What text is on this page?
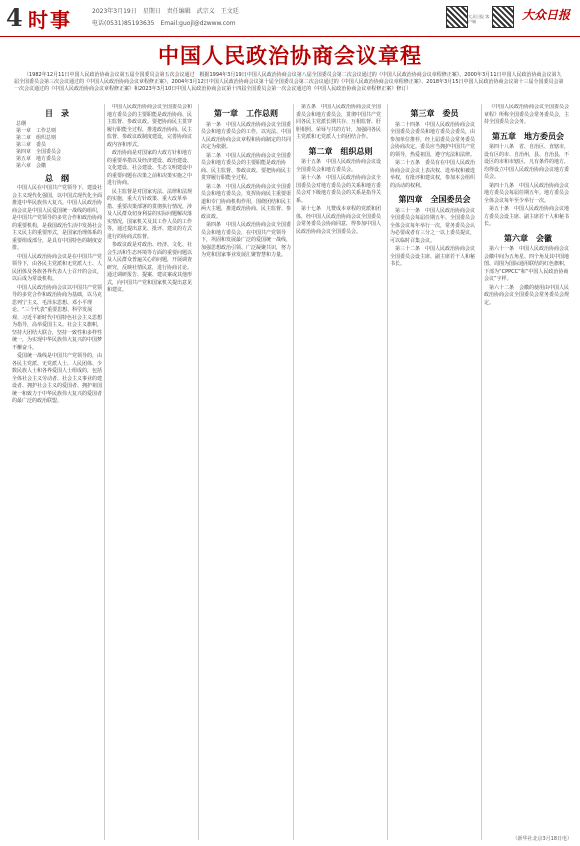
4 时事	2023年3月19日　星期日　责任编辑　武宗义　王文廷
电话(0531)85193635　Email:guojl@dzwww.com
大众日报 客户端	大众日报
中国人民政治协商会议章程
（1982年12月11日中国人民政治协商会议第五届全国委员会第五次会议通过　根据1994年3月19日中国人民政治协商会议第八届全国委员会第二次会议通过的《中国人民政治协商会议章程修正案》、2000年3月11日中国人民政治协商会议第九届全国委员会第三次会议通过的《中国人民政治协商会议章程修正案》、2004年3月12日中国人民政治协商会议第十届全国委员会第二次会议通过的《中国人民政治协商会议章程修正案》、2018年3月15日中国人民政治协商会议第十三届全国委员会第一次会议通过的《中国人民政治协商会议章程修正案》和2023年3月10日中国人民政治协商会议第十四届全国委员会第一次会议通过的《中国人民政治协商会议章程修正案》修订）
目　录
总纲
第一章　工作总则
第二章　组织总则
第三章　委员
第四章　全国委员会
第五章　地方委员会
第六章　会徽
总　纲

中国人民在中国共产党领导下，建设社会主义现代化强国，以中国式现代化全面推进中华民族伟大复兴。中国人民政治协商会议是中国人民爱国统一战线的组织，是中国共产党领导的多党合作和政治协商的重要机构，是我国政治生活中发扬社会主义民主的重要形式，是国家治理体系的重要组成部分，是具有中国特色的制度安排。

中国人民政治协商会议是在中国共产党领导下，由各民主党派和无党派人士、人民团体及各族各界代表人士召开的会议，以后成为常设机构。

中国人民政治协商会议以中国共产党领导的多党合作和政治协商为基础，以马克思列宁主义、毛泽东思想、邓小平理论、“三个代表”重要思想、科学发展观、习近平新时代中国特色社会主义思想为指导，高举爱国主义、社会主义旗帜，坚持大团结大联合，坚持一致性和多样性统一，为实现中华民族伟大复兴的中国梦不懈奋斗。

爱国统一战线是中国共产党领导的，由各民主党派、无党派人士、人民团体、少数民族人士和各界爱国人士组成的，包括全体社会主义劳动者、社会主义事业的建设者、拥护社会主义的爱国者、拥护祖国统一和致力于中华民族伟大复兴的爱国者的最广泛的政治联盟。

中国人民政治协商会议全国委员会和地方委员会的主要职能是政治协商、民主监督、参政议政。要把协商民主贯穿履行职能全过程，推进政治协商、民主监督、参政议政制度建设，完善协商议政内容和形式。

政治协商是对国家的大政方针和地方的重要举措以及经济建设、政治建设、文化建设、社会建设、生态文明建设中的重要问题在决策之前和决策实施之中进行协商。

民主监督是对国家宪法、法律和法规的实施，重大方针政策、重大改革举措、重要决策部署的贯彻执行情况，涉及人民群众切身利益的实际问题解决落实情况，国家机关及其工作人员的工作等，通过提出意见、批评、建议的方式进行的协商式监督。

参政议政是对政治、经济、文化、社会生活和生态环境等方面的重要问题以及人民群众普遍关心的问题，开展调查研究，反映社情民意，进行协商讨论。通过调研报告、提案、建议案或其他形式，向中国共产党和国家机关提出意见和建议。

第一章　工作总则

第一条　中国人民政治协商会议全国委员会和地方委员会的工作，以宪法、中国人民政治协商会议章程和协商制定的共同决定为依据。

第二条　中国人民政治协商会议全国委员会和地方委员会的主要职能是政治协商、民主监督、参政议政。要把协商民主贯穿履行职能全过程。

第三条　中国人民政治协商会议全国委员会和地方委员会，发挥协商民主重要渠道和专门协商机构作用，围绕团结和民主两大主题，推进政治协商、民主监督、参政议政。

第四条　中国人民政治协商会议全国委员会和地方委员会，在中国共产党领导下，巩固和发展最广泛的爱国统一战线，加强思想政治引领、广泛凝聚共识，努力为党和国家事业发展汇聚智慧和力量。

第五条　中国人民政治协商会议全国委员会和地方委员会，贯彻中国共产党同各民主党派长期共存、互相监督、肝胆相照、荣辱与共的方针，加强同各民主党派和无党派人士的团结合作。

第二章　组织总则

第十五条　中国人民政治协商会议设全国委员会和地方委员会。

第十六条　中国人民政治协商会议全国委员会对地方委员会的关系和地方委员会对下级地方委员会的关系是指导关系。

第十七条　凡赞成本章程的党派和团体，经中国人民政治协商会议全国委员会常务委员会协商同意，得参加中国人民政治协商会议全国委员会。

第三章　委员

第二十四条　中国人民政治协商会议全国委员会委员和地方委员会委员，由参加单位推荐，经上届委员会常务委员会协商决定。委员应当拥护中国共产党的领导，热爱祖国，遵守宪法和法律。

第二十五条　委员有在中国人民政治协商会议会议上表决权、选举权和被选举权，有批评和建议权，参加本会组织的活动的权利。

第四章　全国委员会

第三十一条　中国人民政治协商会议全国委员会每届任期五年。全国委员会全体会议每年举行一次，常务委员会认为必要或者有三分之一以上委员提议，可以临时召集会议。

第三十二条　中国人民政治协商会议全国委员会设主席、副主席若干人和秘书长。

《中国人民政治协商会议全国委员会章程》所称全国委员会常务委员会，主持全国委员会会务。

第五章　地方委员会

第四十八条　省、自治区、直辖市，设有区的市、自治州，县、自治县，不设区的市和市辖区，凡有条件的地方，均得设立中国人民政治协商会议地方委员会。

第四十九条　中国人民政治协商会议地方委员会每届任期五年。地方委员会全体会议每年至少举行一次。

第五十条　中国人民政治协商会议地方委员会设主席、副主席若干人和秘书长。

第六章　会徽

第六十一条　中国人民政治协商会议会徽中间为五角星、四个角及其中国地图、周围为国际通用联结的红色旗帜，下部为“CPPCC”和“中国人民政治协商会议”字样。

第六十二条　会徽的使用由中国人民政治协商会议全国委员会常务委员会规定。

（新华社北京3月18日电）
